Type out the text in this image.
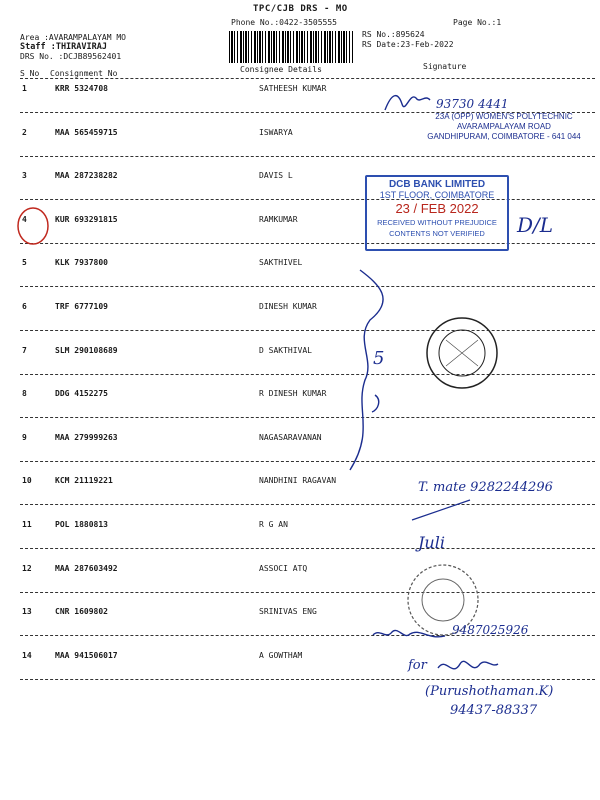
TPC/CJB DRS - MO
Phone No.:0422-3505555	Page No.:1
Area :AVARAMPALAYAM MO
Staff :THIRAVIRAJ
DRS No. :DCJB89562401
RS No.:895624
RS Date:23-Feb-2022
S No Consignment No	Consignee Details	Signature
1	KRR 5324708	SATHEESH KUMAR
2	MAA 565459715	ISWARYA
3	MAA 287238282	DAVIS L
4	KUR 693291815	RAMKUMAR
5	KLK 7937800	SAKTHIVEL
6	TRF 6777109	DINESH KUMAR
7	SLM 290108689	D SAKTHIVAL
8	DDG 4152275	R DINESH KUMAR
9	MAA 279999263	NAGASARAVANAN
10	KCM 21119221	NANDHINI RAGAVAN
11	POL 1880813	R G AN
12	MAA 287603492	ASSOCI ATQ
13	CNR 1609802	SRINIVAS ENG
14	MAA 941506017	A GOWTHAM
23A (OPP) WOMEN'S POLYTECHNIC
AVARAMPALAYAM ROAD
GANDHIPURAM, COIMBATORE - 641 044
DCB BANK LIMITED
1ST FLOOR, COIMBATORE
23 / FEB 2022
RECEIVED WITHOUT PREJUDICE
CONTENTS NOT VERIFIED
93730 4441
D/L
5
T. mate 9282244296
Juli
9487025926
for
(Purushothaman.K)
94437-88337
